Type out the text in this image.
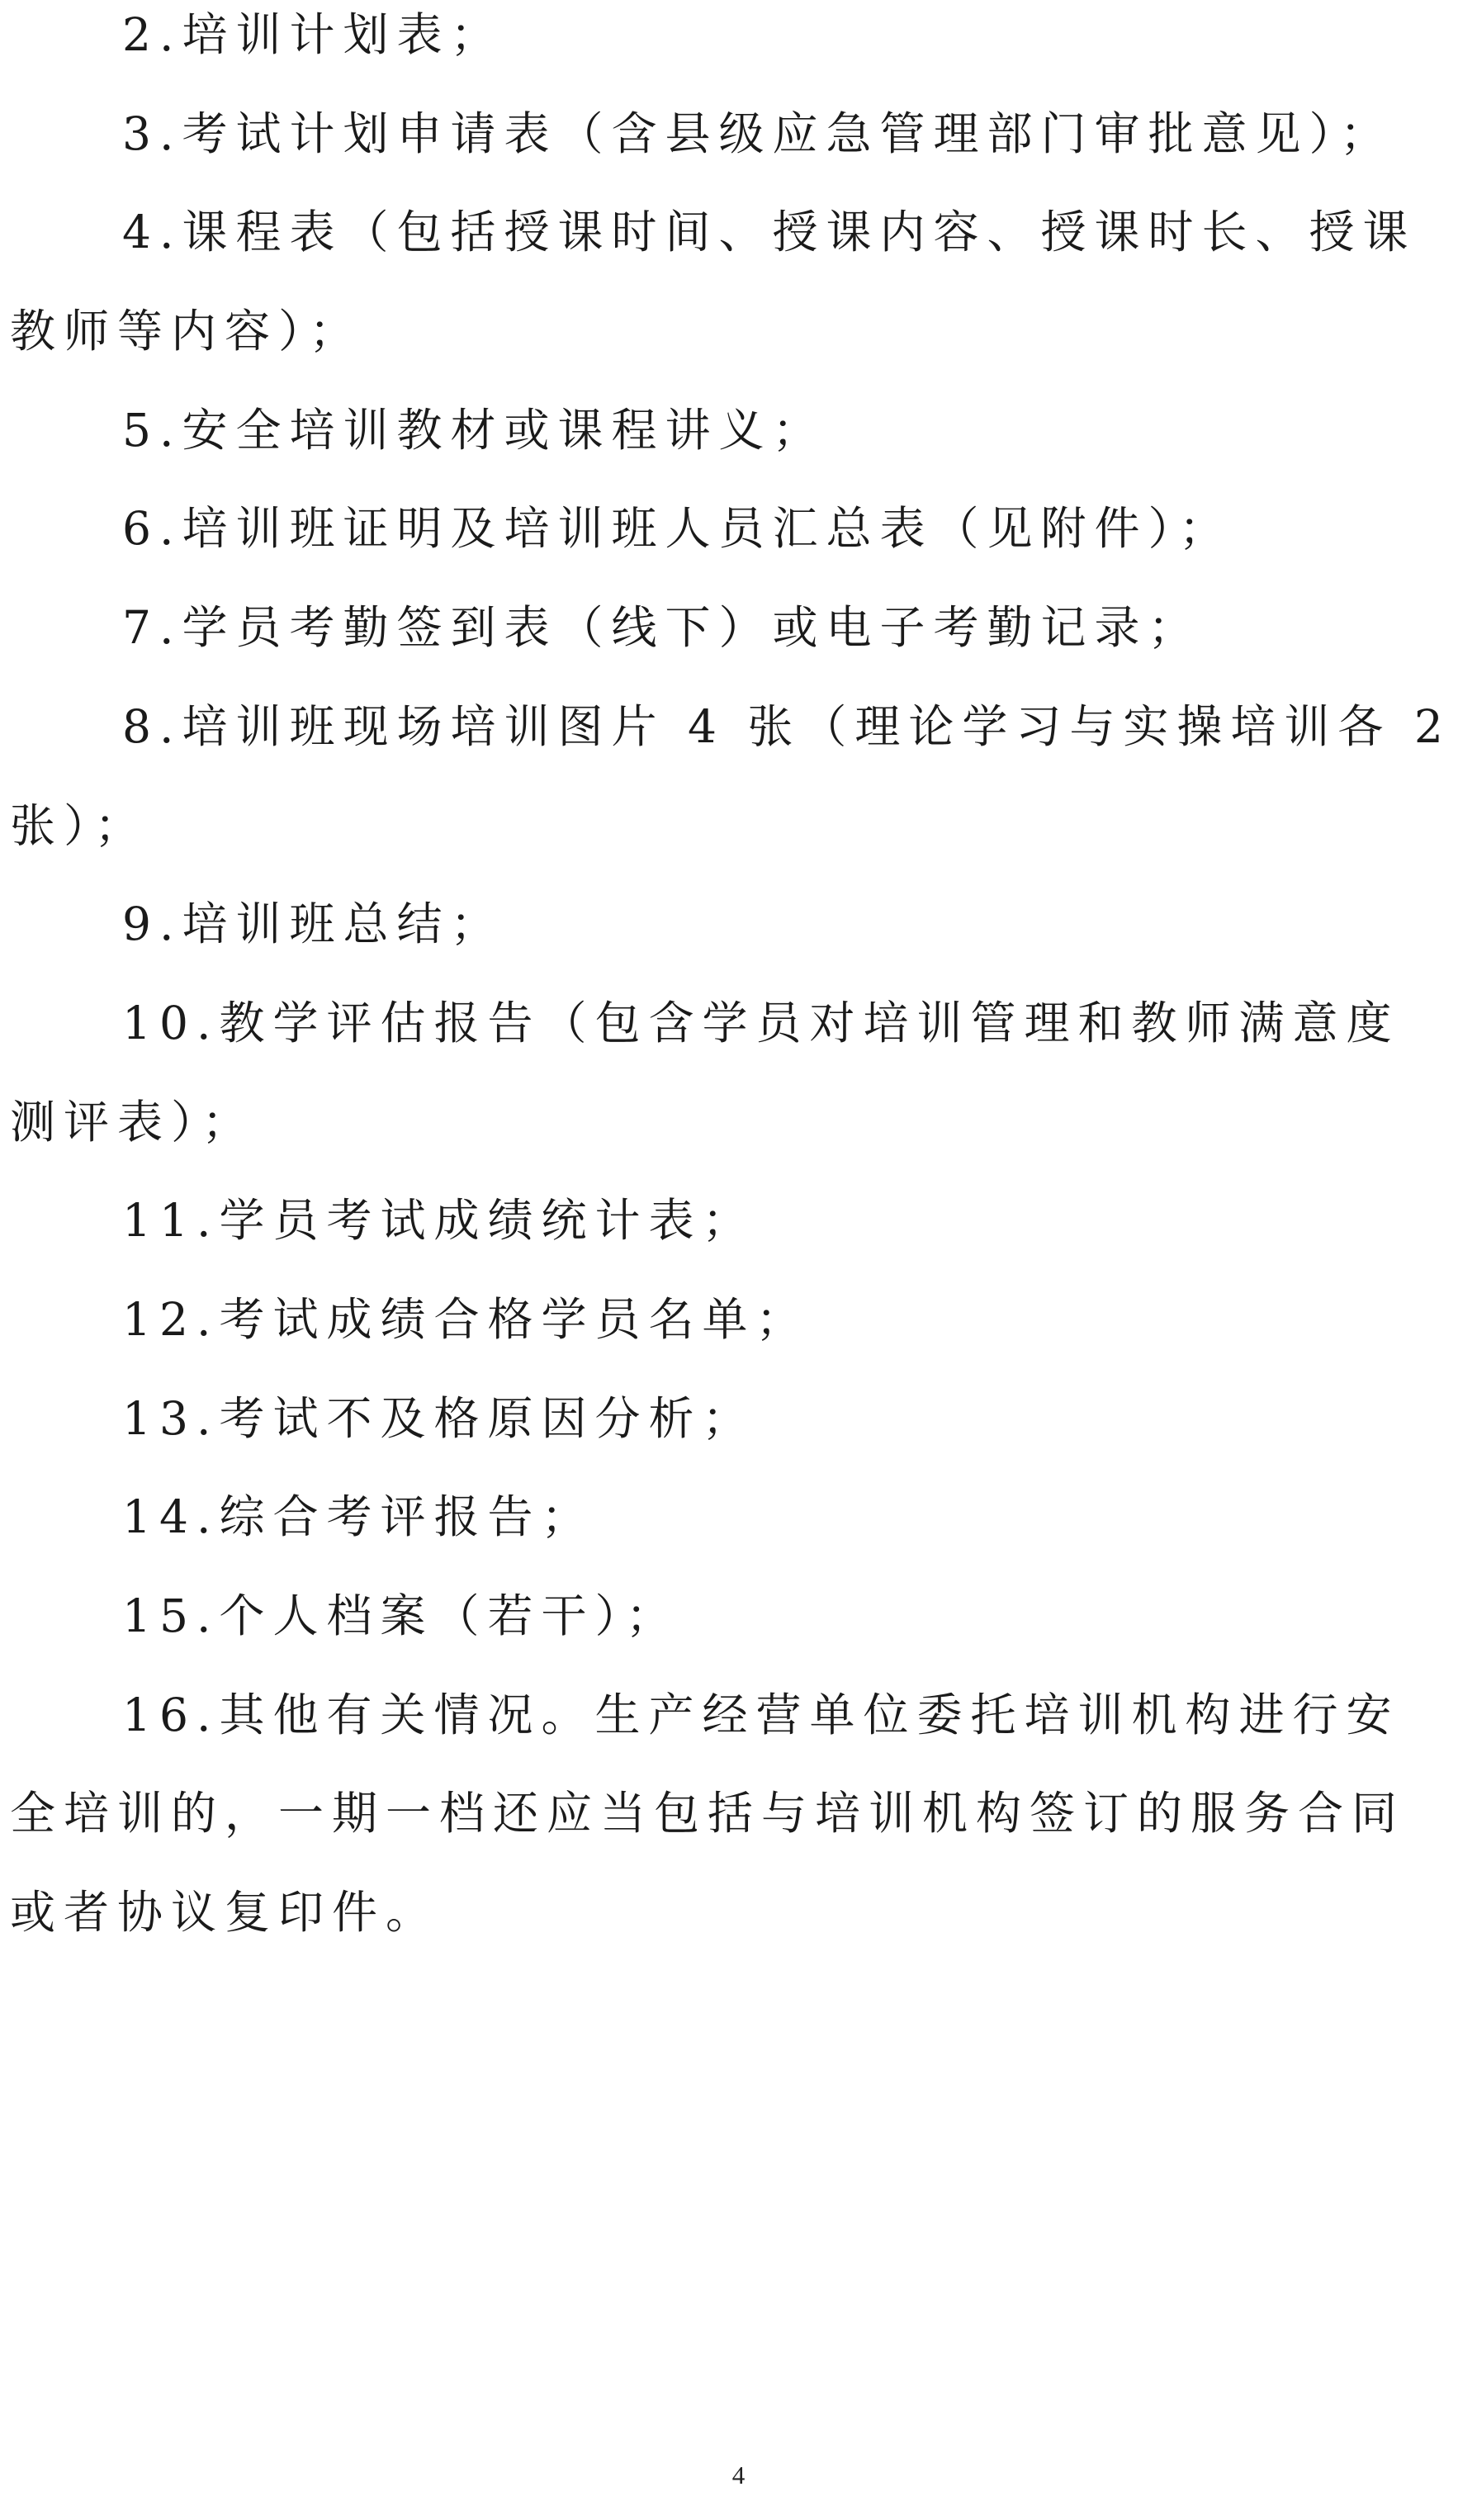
2.培训计划表；
3.考试计划申请表（含县级应急管理部门审批意见）；
4.课程表（包括授课时间、授课内容、授课时长、授课
教师等内容）；
5.安全培训教材或课程讲义；
6.培训班证明及培训班人员汇总表（见附件）；
7.学员考勤签到表（线下）或电子考勤记录；
8.培训班现场培训图片 4 张（理论学习与实操培训各 2
张）；
9.培训班总结；
10.教学评估报告（包含学员对培训管理和教师满意度
测评表）；
11.学员考试成绩统计表；
12.考试成绩合格学员名单；
13.考试不及格原因分析；
14.综合考评报告；
15.个人档案（若干）；
16.其他有关情况。生产经营单位委托培训机构进行安
全培训的，一期一档还应当包括与培训机构签订的服务合同
或者协议复印件。
4
